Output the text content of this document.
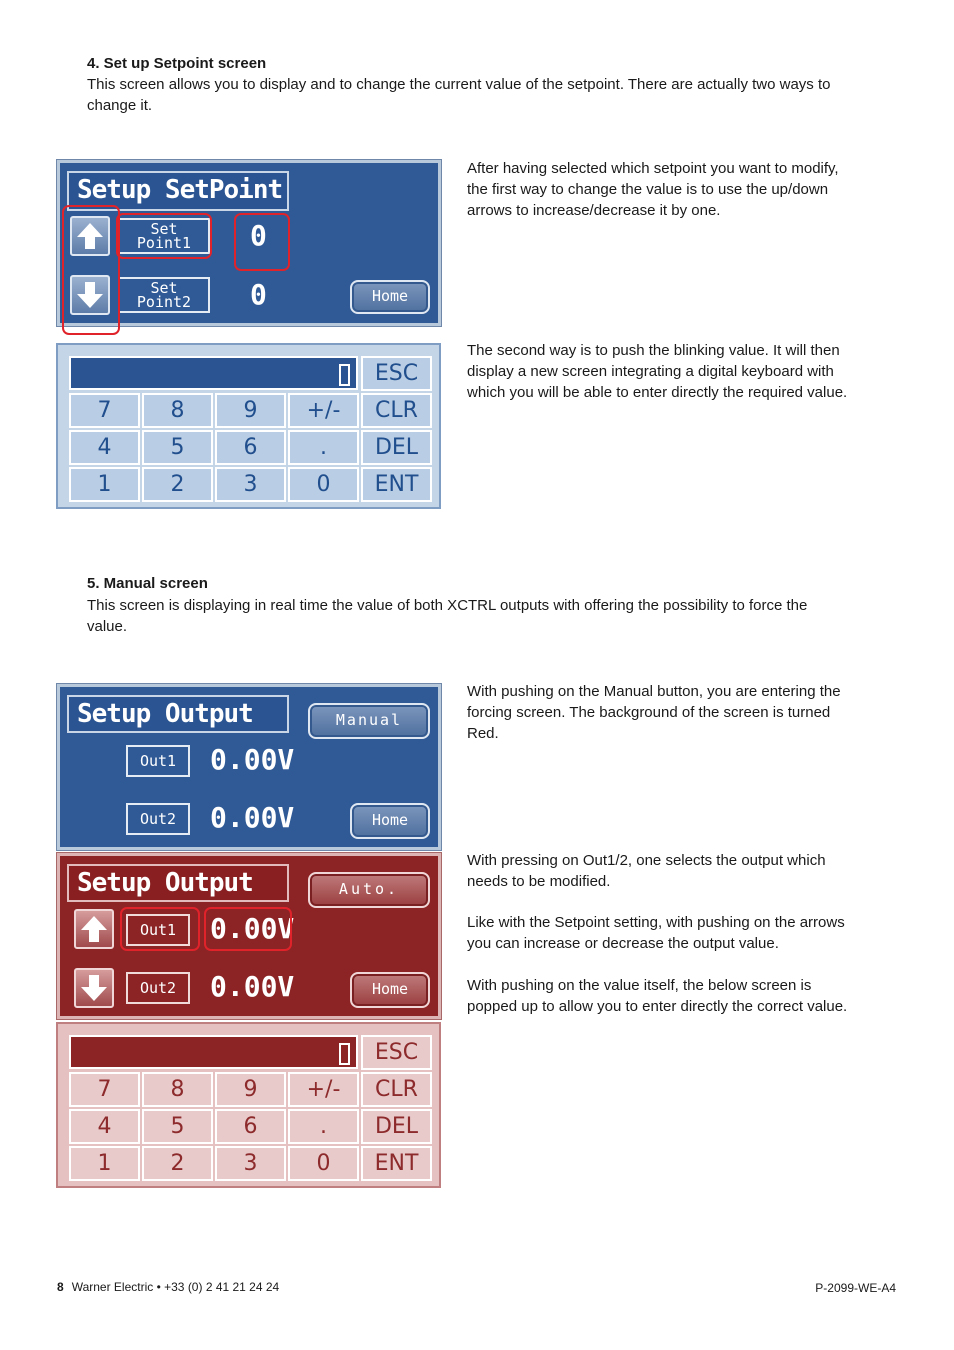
4. Set up Setpoint screen
This screen allows you to display and to change the current value of the setpoint. There are actually two ways to
change it.
Setup SetPoint
Set
Point1
Set
Point2
0
0	Home
ESC
7	8	9	+/-	CLR
4	5	6	.	DEL
1	2	3	0	ENT
After having selected which setpoint you want to modify,
the first way to change the value is to use the up/down
arrows to increase/decrease it by one.
The second way is to push the blinking value. It will then
display a new screen integrating a digital keyboard with
which you will be able to enter directly the required value.
5. Manual screen
This screen is displaying in real time the value of both XCTRL outputs with offering the possibility to force the
value.
Setup Output	Manual
Out1	0.00V
Out2	0.00V	Home
Setup Output	Auto.
Out1	0.00V
Out2	0.00V	Home
ESC
7	8	9	+/-	CLR
4	5	6	.	DEL
1	2	3	0	ENT
With pushing on the Manual button, you are entering the
forcing screen. The background of the screen is turned
Red.
With pressing on Out1/2, one selects the output which
needs to be modified.
Like with the Setpoint setting, with pushing on the arrows
you can increase or decrease the output value.
With pushing on the value itself, the below screen is
popped up to allow you to enter directly the correct value.
8 Warner Electric • +33 (0) 2 41 21 24 24	P-2099-WE-A4
